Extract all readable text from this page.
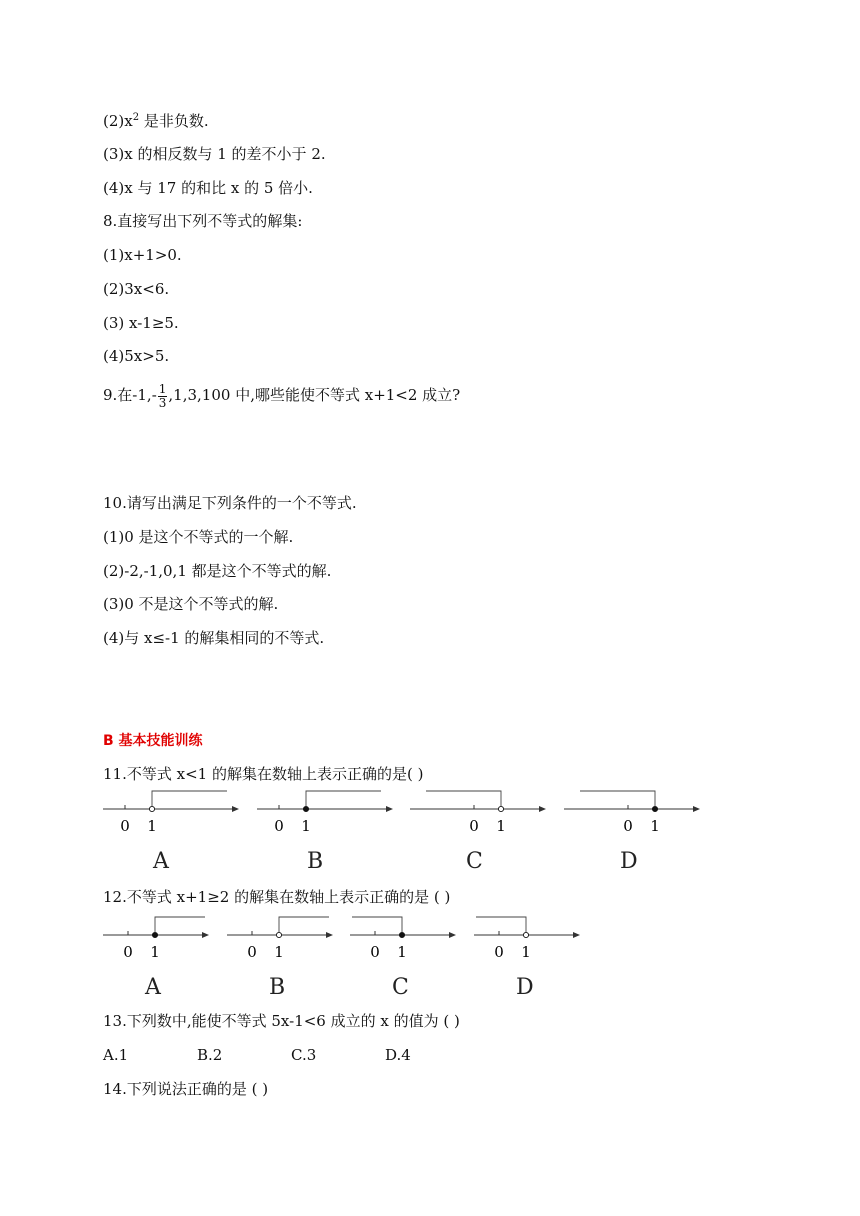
$(2)x^2$ 是非负数.
(3)x 的相反数与 1 的差不小于 2.
(4)x 与 17 的和比 x 的 5 倍小.
8.直接写出下列不等式的解集:
(1)x+1>0.
(2)3x<6.
(3) x-1≥5.
(4)5x>5.
9.在$-1,- \frac{1}{3} ,1,3,100$ 中,哪些能使不等式 x+1<2 成立?
10.请写出满足下列条件的一个不等式.
(1)0 是这个不等式的一个解.
(2)-2,-1,0,1 都是这个不等式的解.
(3)0 不是这个不等式的解.
(4)与 x≤-1 的解集相同的不等式.
B 基本技能训练
11.不等式 x<1 的解集在数轴上表示正确的是( )
0 1
A
0 1
B
0 1
C
0 1
D
12.不等式 x+1≥2 的解集在数轴上表示正确的是 ( )
0 1
A
0 1
B
0 1
C
0 1
D
13.下列数中,能使不等式 5x-1<6 成立的 x 的值为 ( )
A.1	B.2	C.3	D.4
14.下列说法正确的是 ( )
